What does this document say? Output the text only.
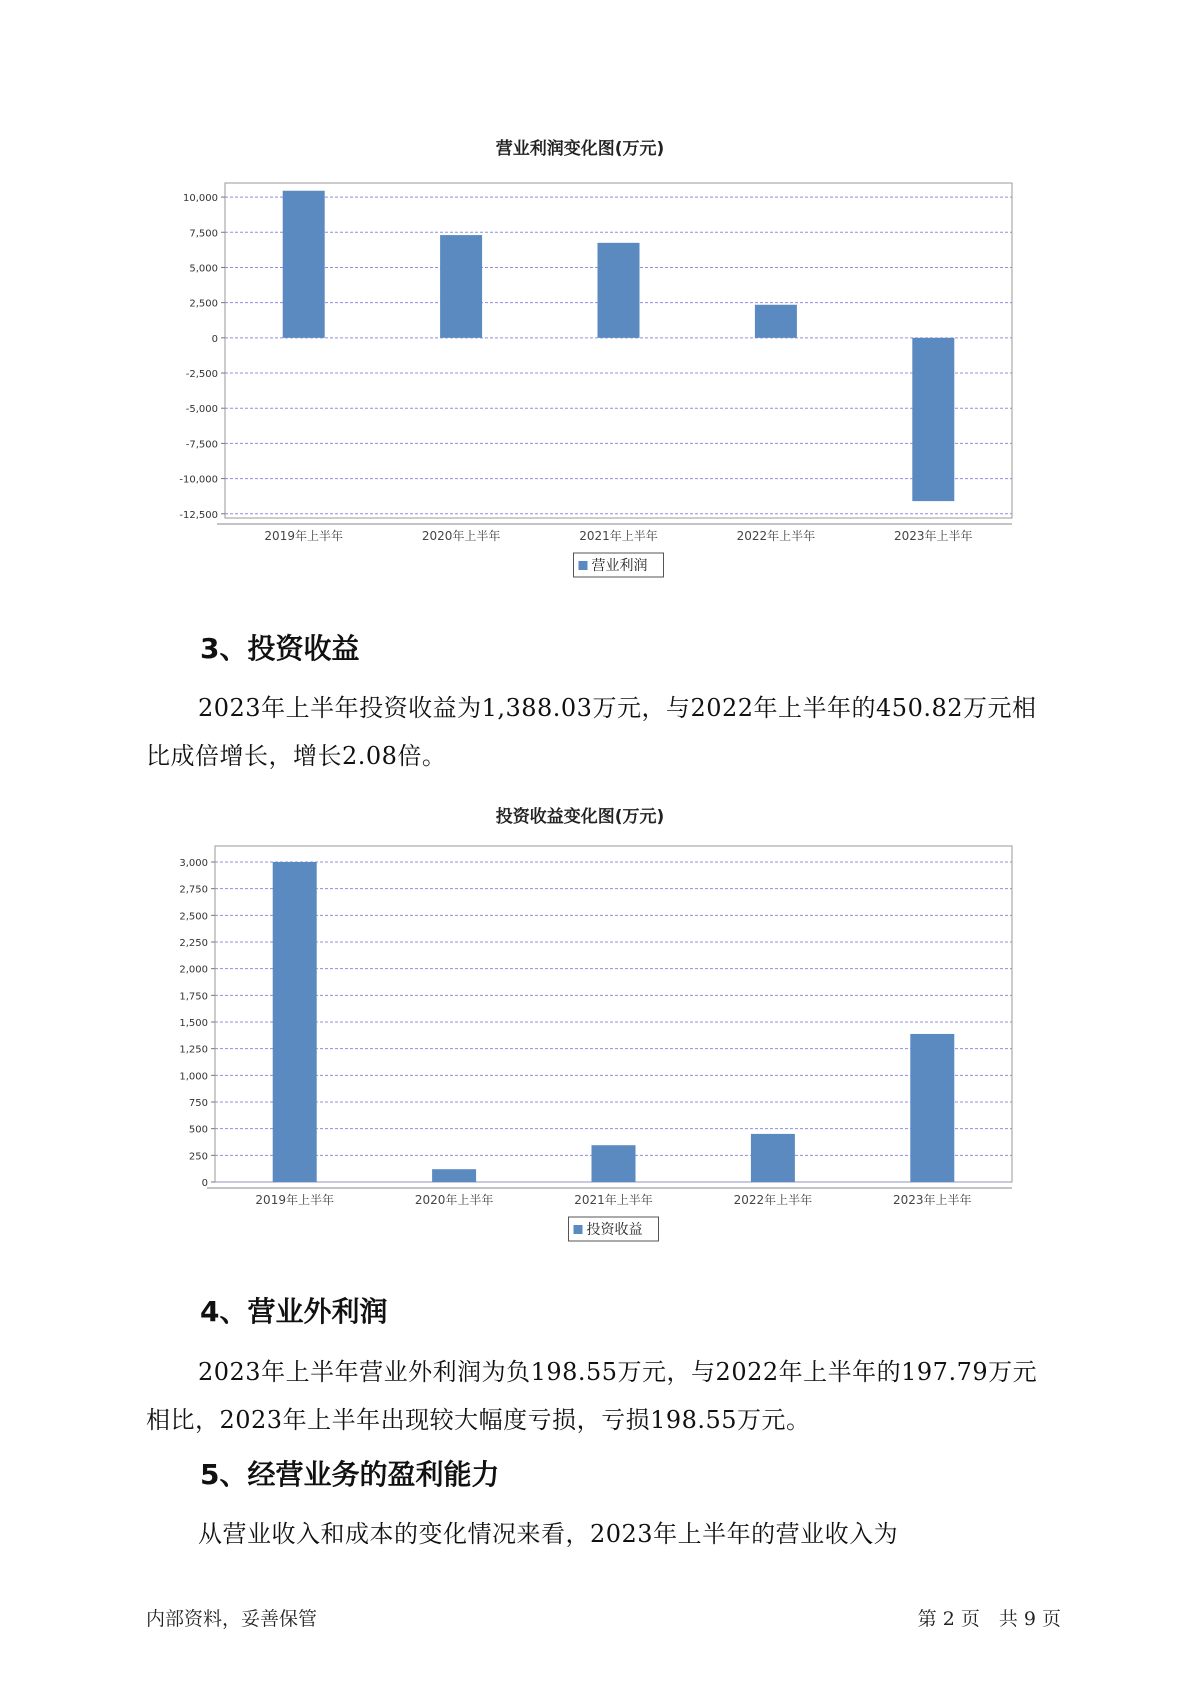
营业利润变化图(万元)
10,000
7,500
5,000
2,500
0
-2,500
-5,000
-7,500
-10,000
-12,500
2019年上半年	2020年上半年	2021年上半年	2022年上半年	2023年上半年
营业利润
3、投资收益

2023年上半年投资收益为1,388.03万元，与2022年上半年的450.82万元相比成倍增长，增长2.08倍。

投资收益变化图(万元)
3,000
2,750
2,500
2,250
2,000
1,750
1,500
1,250
1,000
750
500
250
0
2019年上半年	2020年上半年	2021年上半年	2022年上半年	2023年上半年
投资收益
4、营业外利润

2023年上半年营业外利润为负198.55万元，与2022年上半年的197.79万元相比，2023年上半年出现较大幅度亏损，亏损198.55万元。

5、经营业务的盈利能力

从营业收入和成本的变化情况来看，2023年上半年的营业收入为

内部资料，妥善保管	第 2 页　共 9 页
